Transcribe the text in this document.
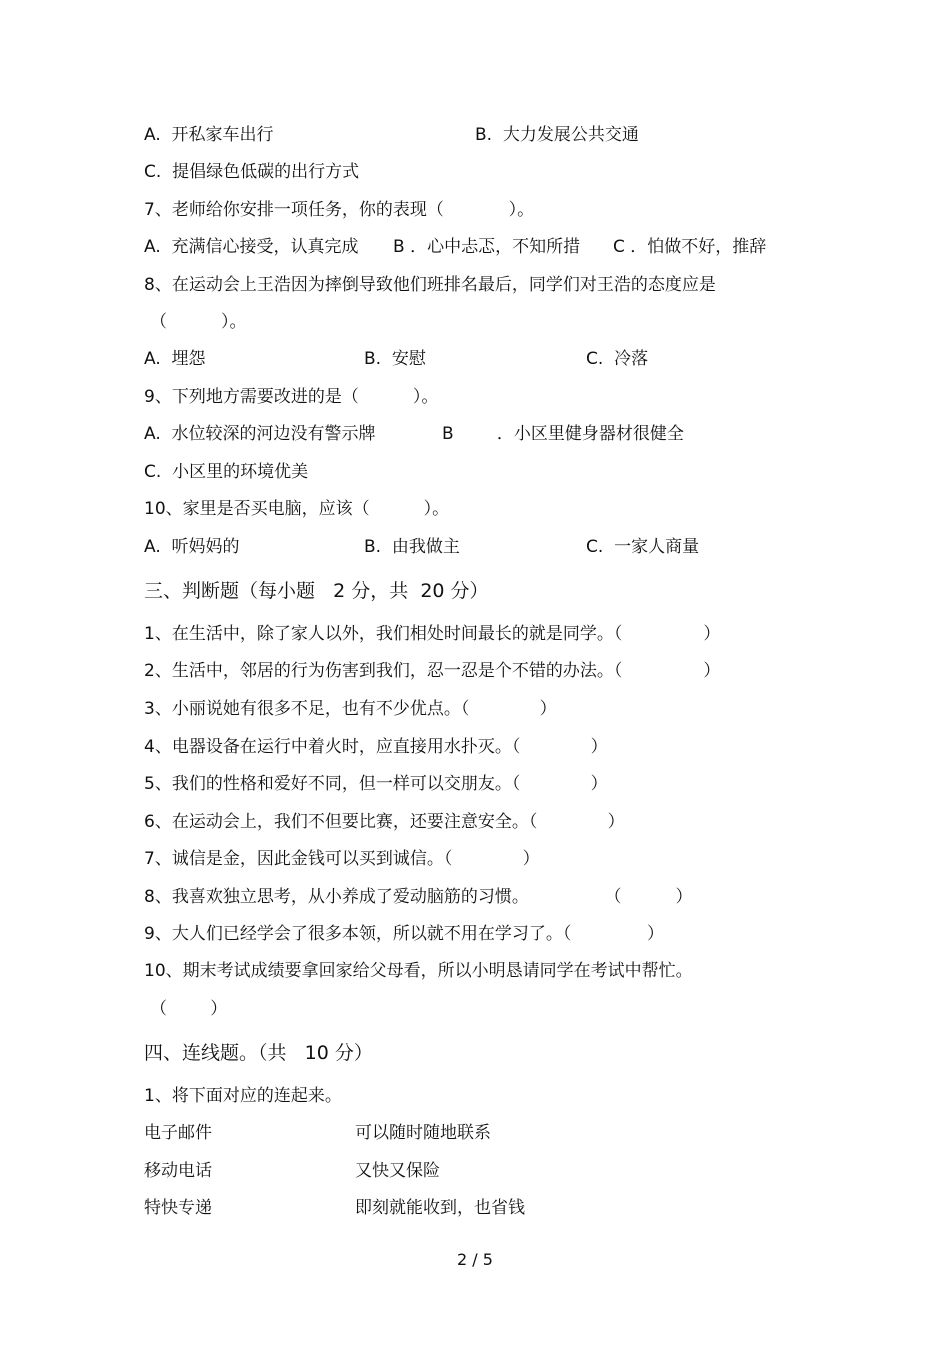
A.  开私家车出行	B.  大力发展公共交通

C.  提倡绿色低碳的出行方式

7、老师给你安排一项任务，你的表现（            ）。

A.  充满信心接受，认真完成 B ．心中忐忑，不知所措 C ．怕做不好，推辞

8、在运动会上王浩因为摔倒导致他们班排名最后，同学们对王浩的态度应是

（          ）。

A.  埋怨	B.  安慰	C.  冷落

9、下列地方需要改进的是（          ）。

A.  水位较深的河边没有警示牌	B        ．小区里健身器材很健全

C.  小区里的环境优美

10、家里是否买电脑，应该（          ）。

A.  听妈妈的	B.  由我做主	C.  一家人商量

三、判断题（每小题   2 分，共  20 分）

1、在生活中，除了家人以外，我们相处时间最长的就是同学。（               ）

2、生活中，邻居的行为伤害到我们，忍一忍是个不错的办法。（               ）

3、小丽说她有很多不足，也有不少优点。（             ）

4、电器设备在运行中着火时，应直接用水扑灭。（             ）

5、我们的性格和爱好不同，但一样可以交朋友。（             ）

6、在运动会上，我们不但要比赛，还要注意安全。（             ）

7、诚信是金，因此金钱可以买到诚信。（             ）

8、我喜欢独立思考，从小养成了爱动脑筋的习惯。              （          ）

9、大人们已经学会了很多本领，所以就不用在学习了。（              ）

10、期末考试成绩要拿回家给父母看，所以小明恳请同学在考试中帮忙。

（        ）

四、连线题。（共   10 分）

1、将下面对应的连起来。

电子邮件	可以随时随地联系

移动电话	又快又保险

特快专递	即刻就能收到，也省钱

2 / 5
